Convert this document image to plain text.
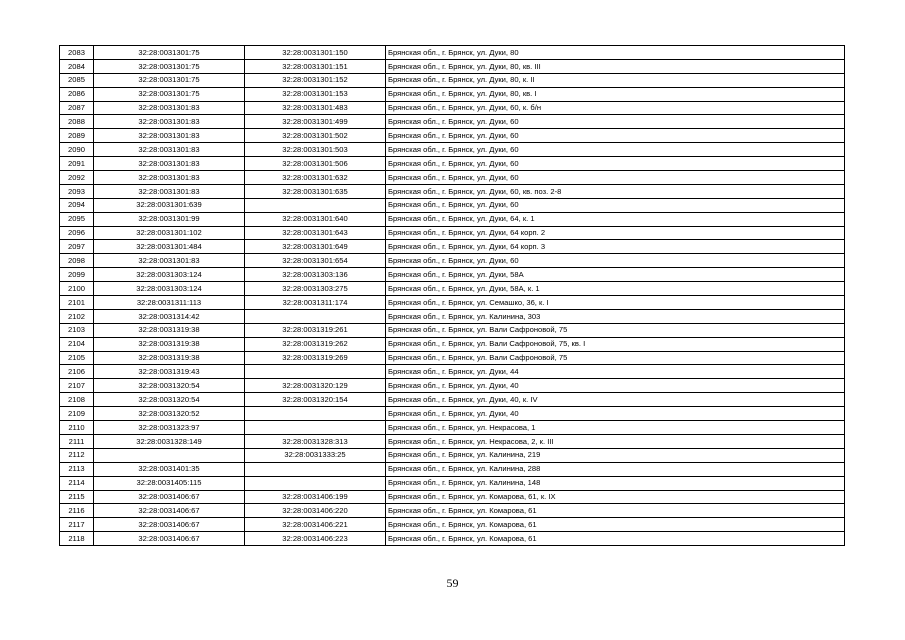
2083	32:28:0031301:75	32:28:0031301:150	Брянская обл., г. Брянск, ул. Дуки, 80
2084	32:28:0031301:75	32:28:0031301:151	Брянская обл., г. Брянск, ул. Дуки, 80, кв. III
2085	32:28:0031301:75	32:28:0031301:152	Брянская обл., г. Брянск, ул. Дуки, 80, к. II
2086	32:28:0031301:75	32:28:0031301:153	Брянская обл., г. Брянск, ул. Дуки, 80, кв. I
2087	32:28:0031301:83	32:28:0031301:483	Брянская обл., г. Брянск, ул. Дуки, 60, к. б/н
2088	32:28:0031301:83	32:28:0031301:499	Брянская обл., г. Брянск, ул. Дуки, 60
2089	32:28:0031301:83	32:28:0031301:502	Брянская обл., г. Брянск, ул. Дуки, 60
2090	32:28:0031301:83	32:28:0031301:503	Брянская обл., г. Брянск, ул. Дуки, 60
2091	32:28:0031301:83	32:28:0031301:506	Брянская обл., г. Брянск, ул. Дуки, 60
2092	32:28:0031301:83	32:28:0031301:632	Брянская обл., г. Брянск, ул. Дуки, 60
2093	32:28:0031301:83	32:28:0031301:635	Брянская обл., г. Брянск, ул. Дуки, 60, кв. поз. 2-8
2094	32:28:0031301:639		Брянская обл., г. Брянск, ул. Дуки, 60
2095	32:28:0031301:99	32:28:0031301:640	Брянская обл., г. Брянск, ул. Дуки, 64, к. 1
2096	32:28:0031301:102	32:28:0031301:643	Брянская обл., г. Брянск, ул. Дуки, 64 корп. 2
2097	32:28:0031301:484	32:28:0031301:649	Брянская обл., г. Брянск, ул. Дуки, 64 корп. 3
2098	32:28:0031301:83	32:28:0031301:654	Брянская обл., г. Брянск, ул. Дуки, 60
2099	32:28:0031303:124	32:28:0031303:136	Брянская обл., г. Брянск, ул. Дуки, 58А
2100	32:28:0031303:124	32:28:0031303:275	Брянская обл., г. Брянск, ул. Дуки, 58А, к. 1
2101	32:28:0031311:113	32:28:0031311:174	Брянская обл., г. Брянск, ул. Семашко, 36, к. I
2102	32:28:0031314:42		Брянская обл., г. Брянск, ул. Калинина, 303
2103	32:28:0031319:38	32:28:0031319:261	Брянская обл., г. Брянск, ул. Вали Сафроновой, 75
2104	32:28:0031319:38	32:28:0031319:262	Брянская обл., г. Брянск, ул. Вали Сафроновой, 75, кв. I
2105	32:28:0031319:38	32:28:0031319:269	Брянская обл., г. Брянск, ул. Вали Сафроновой, 75
2106	32:28:0031319:43		Брянская обл., г. Брянск, ул. Дуки, 44
2107	32:28:0031320:54	32:28:0031320:129	Брянская обл., г. Брянск, ул. Дуки, 40
2108	32:28:0031320:54	32:28:0031320:154	Брянская обл., г. Брянск, ул. Дуки, 40, к. IV
2109	32:28:0031320:52		Брянская обл., г. Брянск, ул. Дуки, 40
2110	32:28:0031323:97		Брянская обл., г. Брянск, ул. Некрасова, 1
2111	32:28:0031328:149	32:28:0031328:313	Брянская обл., г. Брянск, ул. Некрасова, 2, к. III
2112		32:28:0031333:25	Брянская обл., г. Брянск, ул. Калинина, 219
2113	32:28:0031401:35		Брянская обл., г. Брянск, ул. Калинина, 288
2114	32:28:0031405:115		Брянская обл., г. Брянск, ул. Калинина, 148
2115	32:28:0031406:67	32:28:0031406:199	Брянская обл., г. Брянск, ул. Комарова, 61, к. IX
2116	32:28:0031406:67	32:28:0031406:220	Брянская обл., г. Брянск, ул. Комарова, 61
2117	32:28:0031406:67	32:28:0031406:221	Брянская обл., г. Брянск, ул. Комарова, 61
2118	32:28:0031406:67	32:28:0031406:223	Брянская обл., г. Брянск, ул. Комарова, 61
59
